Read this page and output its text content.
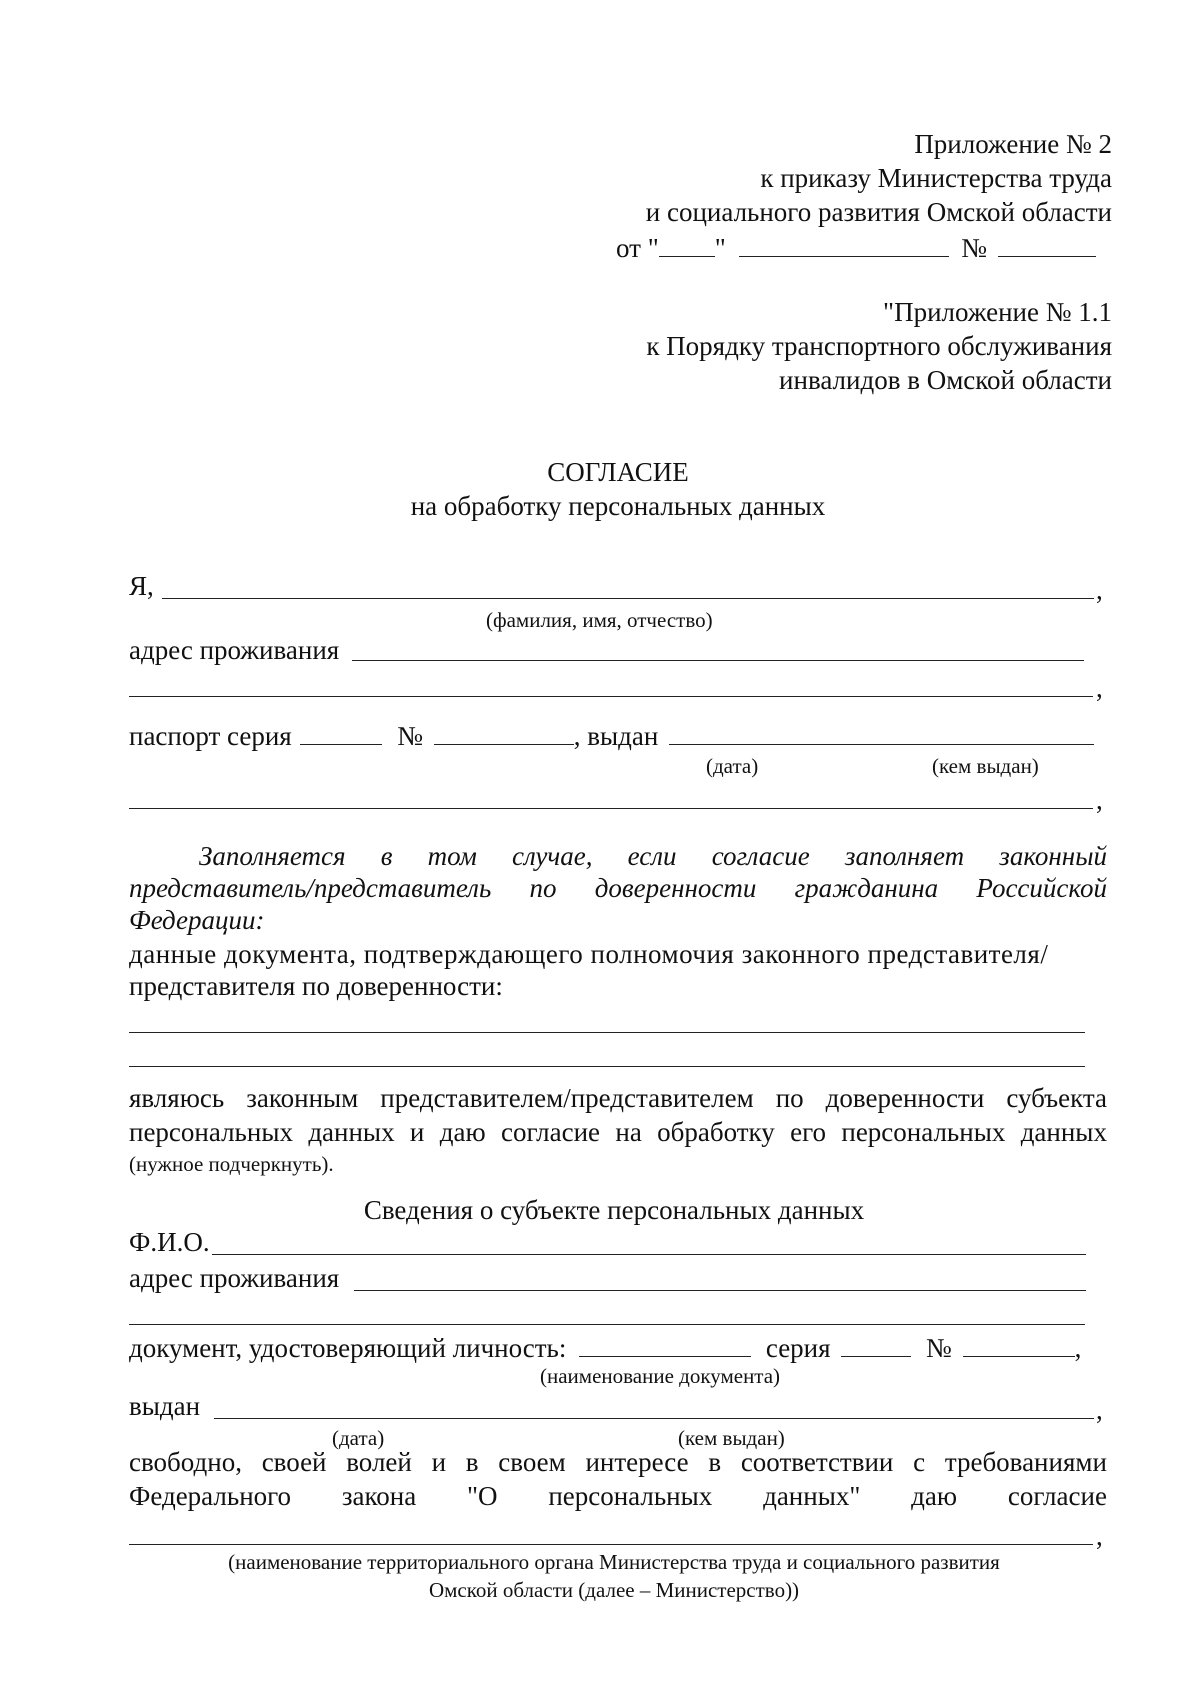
Приложение № 2
к приказу Министерства труда
и социального развития Омской области
от " "	№
"Приложение № 1.1
к Порядку транспортного обслуживания
инвалидов в Омской области
СОГЛАСИЕ
на обработку персональных данных
Я,	,
(фамилия, имя, отчество)
адрес проживания
,
паспорт серия	№	, выдан
(дата)	(кем выдан)
,
Заполняется в том случае, если согласие заполняет законный
представитель/представитель по доверенности гражданина Российской
Федерации:
данные документа, подтверждающего полномочия законного представителя/
представителя по доверенности:
являюсь законным представителем/представителем по доверенности субъекта
персональных данных и даю согласие на обработку его персональных данных
(нужное подчеркнуть).
Сведения о субъекте персональных данных
Ф.И.О.
адрес проживания
документ, удостоверяющий личность:	серия	№	,
(наименование документа)
выдан	,
(дата)	(кем выдан)
свободно, своей волей и в своем интересе в соответствии с требованиями
Федерального закона "О персональных данных" даю согласие
,
(наименование территориального органа Министерства труда и социального развития
Омской области (далее – Министерство))
